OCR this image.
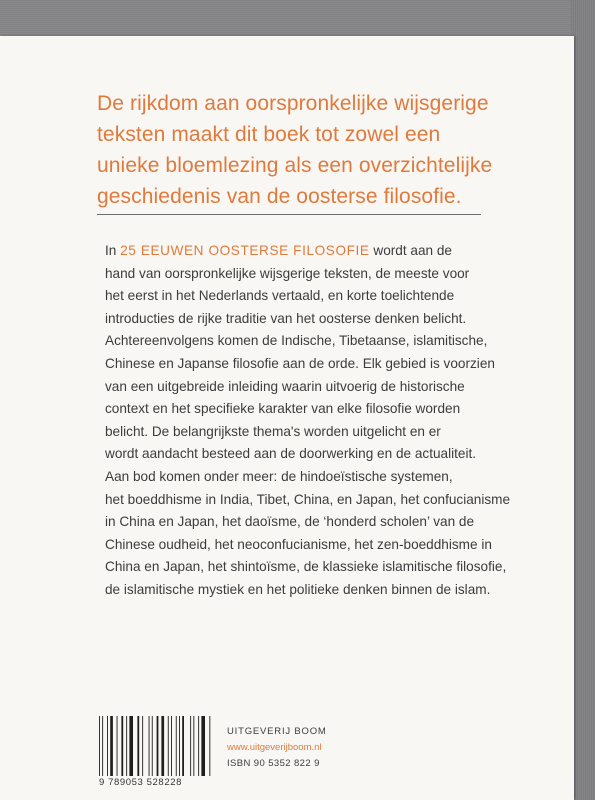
De rijkdom aan oorspronkelijke wijsgerige
teksten maakt dit boek tot zowel een
unieke bloemlezing als een overzichtelijke
geschiedenis van de oosterse filosofie.
In 25 EEUWEN OOSTERSE FILOSOFIE wordt aan de
hand van oorspronkelijke wijsgerige teksten, de meeste voor
het eerst in het Nederlands vertaald, en korte toelichtende
introducties de rijke traditie van het oosterse denken belicht.
Achtereenvolgens komen de Indische, Tibetaanse, islamitische,
Chinese en Japanse filosofie aan de orde. Elk gebied is voorzien
van een uitgebreide inleiding waarin uitvoerig de historische
context en het specifieke karakter van elke filosofie worden
belicht. De belangrijkste thema's worden uitgelicht en er
wordt aandacht besteed aan de doorwerking en de actualiteit.
Aan bod komen onder meer: de hindoeïstische systemen,
het boeddhisme in India, Tibet, China, en Japan, het confucianisme
in China en Japan, het daoïsme, de ‘honderd scholen’ van de
Chinese oudheid, het neoconfucianisme, het zen-boeddhisme in
China en Japan, het shintoïsme, de klassieke islamitische filosofie,
de islamitische mystiek en het politieke denken binnen de islam.
9 789053 528228
UITGEVERIJ BOOM
www.uitgeverijboom.nl
ISBN 90 5352 822 9
